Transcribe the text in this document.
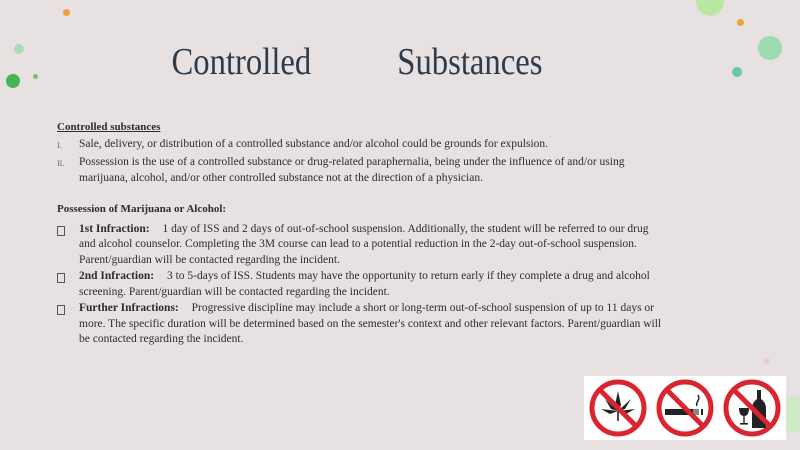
Controlled Substances

Controlled substances

I. Sale, delivery, or distribution of a controlled substance and/or alcohol could be grounds for expulsion.
II. Possession is the use of a controlled substance or drug-related paraphernalia, being under the influence of and/or using marijuana, alcohol, and/or other controlled substance not at the direction of a physician.

Possession of Marijuana or Alcohol:

1st Infraction: 1 day of ISS and 2 days of out-of-school suspension. Additionally, the student will be referred to our drug and alcohol counselor. Completing the 3M course can lead to a potential reduction in the 2-day out-of-school suspension. Parent/guardian will be contacted regarding the incident.
2nd Infraction: 3 to 5-days of ISS. Students may have the opportunity to return early if they complete a drug and alcohol screening. Parent/guardian will be contacted regarding the incident.
Further Infractions: Progressive discipline may include a short or long-term out-of-school suspension of up to 11 days or more. The specific duration will be determined based on the semester's context and other relevant factors. Parent/guardian will be contacted regarding the incident.
